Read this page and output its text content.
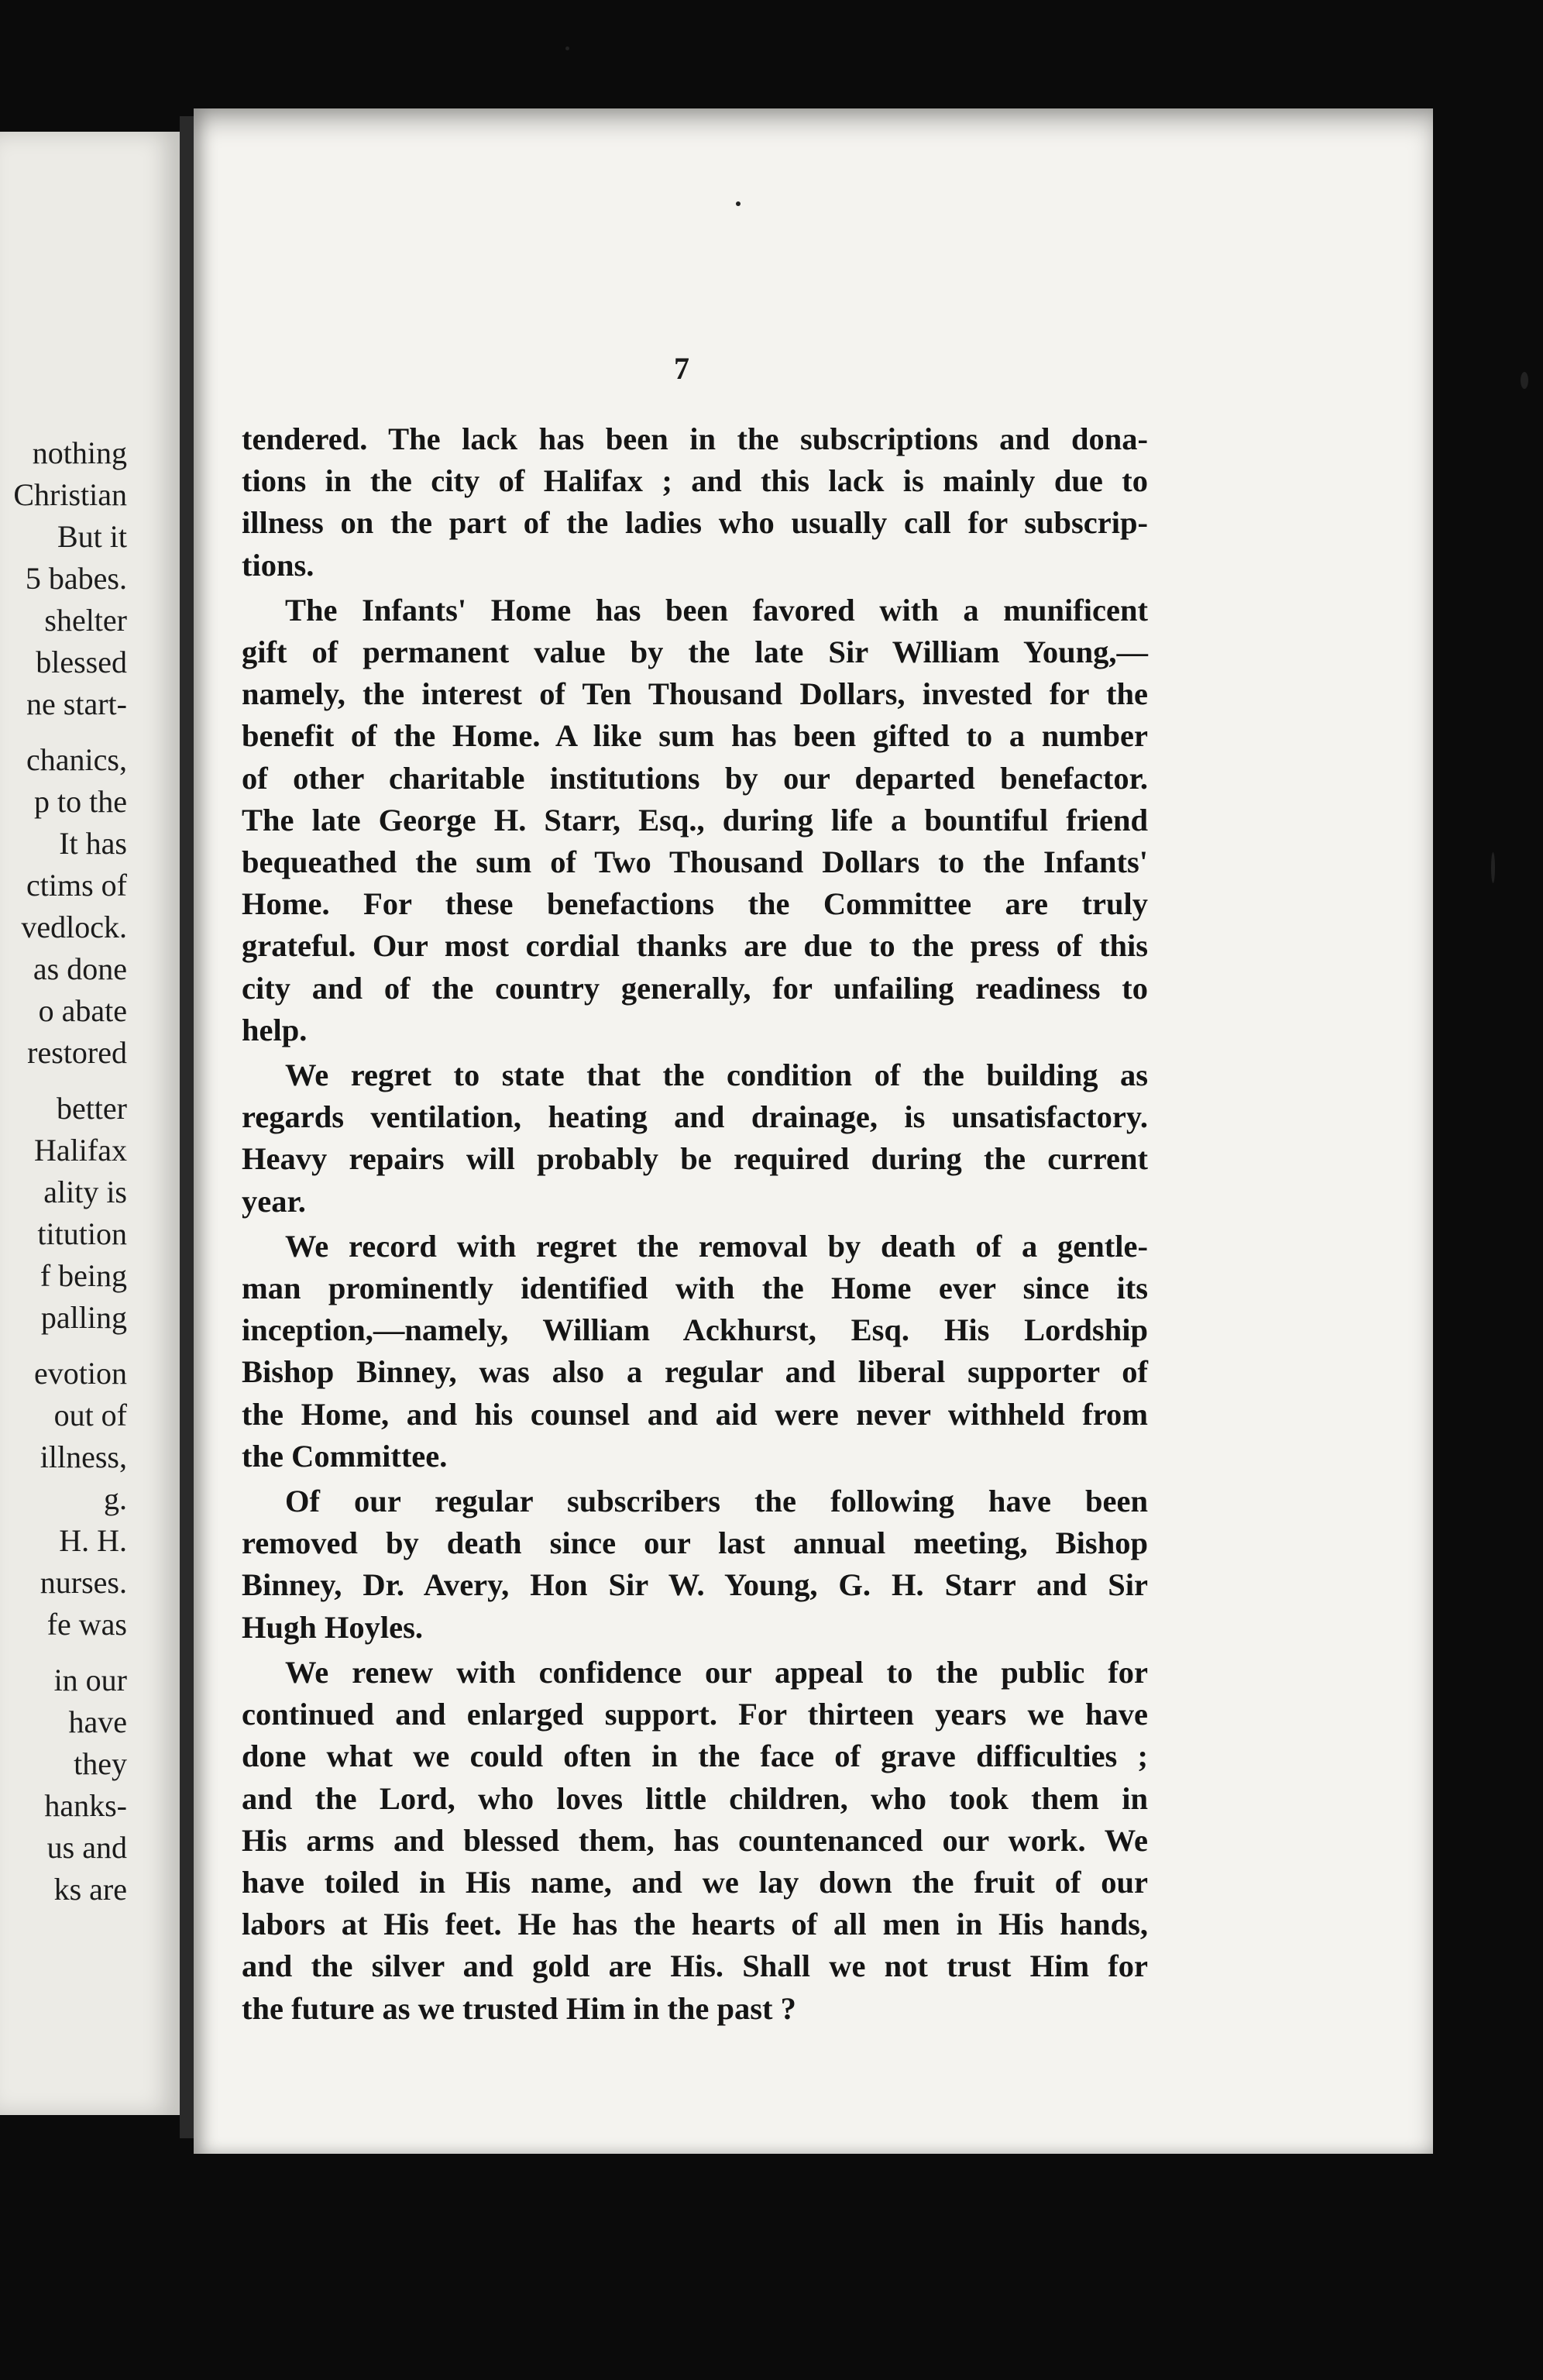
nothing
Christian
But it
5 babes.
shelter
blessed
ne start-
chanics,
p to the
It has
ctims of
vedlock.
as done
o abate
restored
better
Halifax
ality is
titution
f being
palling
evotion
out of
illness,
g.
H. H.
nurses.
fe was
in our
have
they
hanks-
us and
ks are
7
tendered. The lack has been in the subscriptions and dona-
tions in the city of Halifax ; and this lack is mainly due to
illness on the part of the ladies who usually call for subscrip-
tions.
The Infants' Home has been favored with a munificent
gift of permanent value by the late Sir William Young,—
namely, the interest of Ten Thousand Dollars, invested for the
benefit of the Home. A like sum has been gifted to a number
of other charitable institutions by our departed benefactor.
The late George H. Starr, Esq., during life a bountiful friend
bequeathed the sum of Two Thousand Dollars to the Infants'
Home. For these benefactions the Committee are truly
grateful. Our most cordial thanks are due to the press of this
city and of the country generally, for unfailing readiness to
help.
We regret to state that the condition of the building as
regards ventilation, heating and drainage, is unsatisfactory.
Heavy repairs will probably be required during the current
year.
We record with regret the removal by death of a gentle-
man prominently identified with the Home ever since its
inception,—namely, William Ackhurst, Esq. His Lordship
Bishop Binney, was also a regular and liberal supporter of
the Home, and his counsel and aid were never withheld from
the Committee.
Of our regular subscribers the following have been
removed by death since our last annual meeting, Bishop
Binney, Dr. Avery, Hon Sir W. Young, G. H. Starr and Sir
Hugh Hoyles.
We renew with confidence our appeal to the public for
continued and enlarged support. For thirteen years we have
done what we could often in the face of grave difficulties ;
and the Lord, who loves little children, who took them in
His arms and blessed them, has countenanced our work. We
have toiled in His name, and we lay down the fruit of our
labors at His feet. He has the hearts of all men in His hands,
and the silver and gold are His. Shall we not trust Him for
the future as we trusted Him in the past ?
